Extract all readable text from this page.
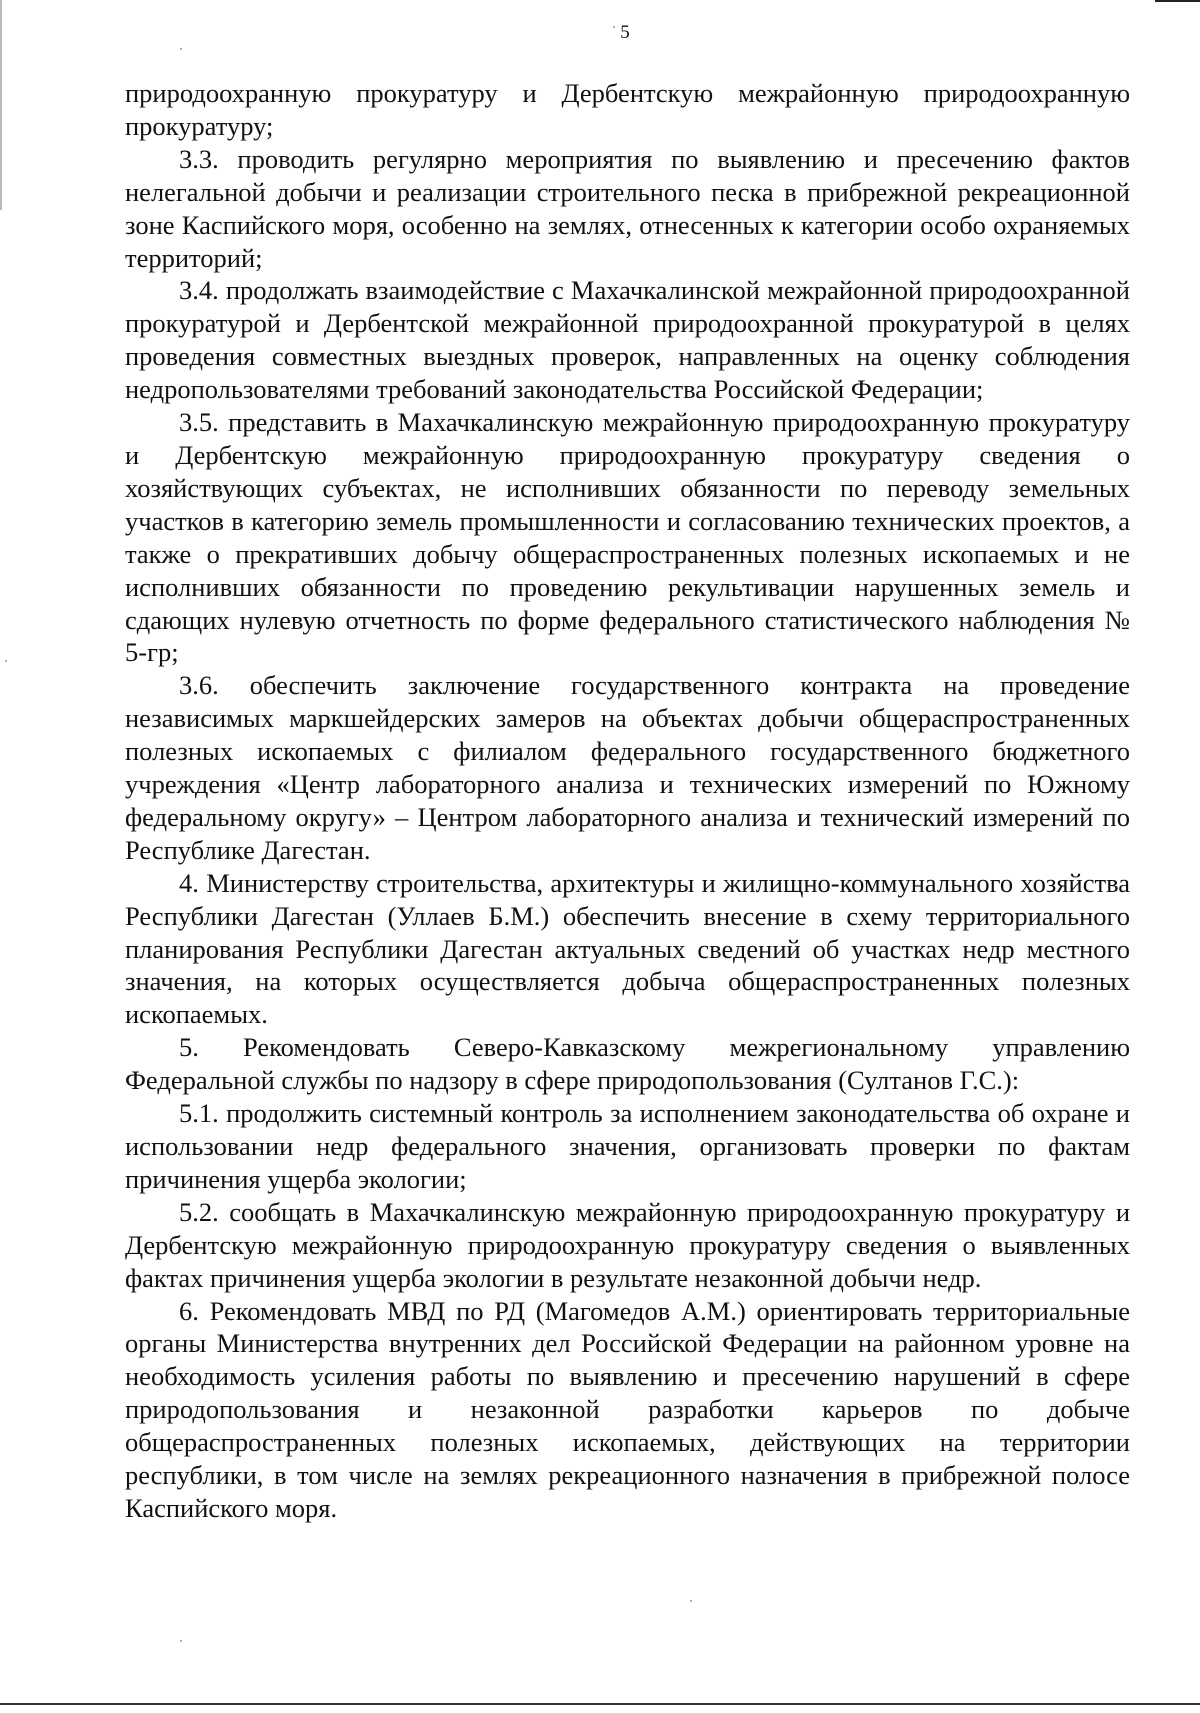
5

природоохранную прокуратуру и Дербентскую межрайонную природоохранную прокуратуру;

3.3. проводить регулярно мероприятия по выявлению и пресечению фактов нелегальной добычи и реализации строительного песка в прибрежной рекреационной зоне Каспийского моря, особенно на землях, отнесенных к категории особо охраняемых территорий;

3.4. продолжать взаимодействие с Махачкалинской межрайонной природоохранной прокуратурой и Дербентской межрайонной природоохранной прокуратурой в целях проведения совместных выездных проверок, направленных на оценку соблюдения недропользователями требований законодательства Российской Федерации;

3.5. представить в Махачкалинскую межрайонную природоохранную прокуратуру и Дербентскую межрайонную природоохранную прокуратуру сведения о хозяйствующих субъектах, не исполнивших обязанности по переводу земельных участков в категорию земель промышленности и согласованию технических проектов, а также о прекративших добычу общераспространенных полезных ископаемых и не исполнивших обязанности по проведению рекультивации нарушенных земель и сдающих нулевую отчетность по форме федерального статистического наблюдения № 5-гр;

3.6. обеспечить заключение государственного контракта на проведение независимых маркшейдерских замеров на объектах добычи общераспространенных полезных ископаемых с филиалом федерального государственного бюджетного учреждения «Центр лабораторного анализа и технических измерений по Южному федеральному округу» – Центром лабораторного анализа и технический измерений по Республике Дагестан.

4. Министерству строительства, архитектуры и жилищно-коммунального хозяйства Республики Дагестан (Уллаев Б.М.) обеспечить внесение в схему территориального планирования Республики Дагестан актуальных сведений об участках недр местного значения, на которых осуществляется добыча общераспространенных полезных ископаемых.

5. Рекомендовать Северо-Кавказскому межрегиональному управлению Федеральной службы по надзору в сфере природопользования (Султанов Г.С.):

5.1. продолжить системный контроль за исполнением законодательства об охране и использовании недр федерального значения, организовать проверки по фактам причинения ущерба экологии;

5.2. сообщать в Махачкалинскую межрайонную природоохранную прокуратуру и Дербентскую межрайонную природоохранную прокуратуру сведения о выявленных фактах причинения ущерба экологии в результате незаконной добычи недр.

6. Рекомендовать МВД по РД (Магомедов А.М.) ориентировать территориальные органы Министерства внутренних дел Российской Федерации на районном уровне на необходимость усиления работы по выявлению и пресечению нарушений в сфере природопользования и незаконной разработки карьеров по добыче общераспространенных полезных ископаемых, действующих на территории республики, в том числе на землях рекреационного назначения в прибрежной полосе Каспийского моря.
